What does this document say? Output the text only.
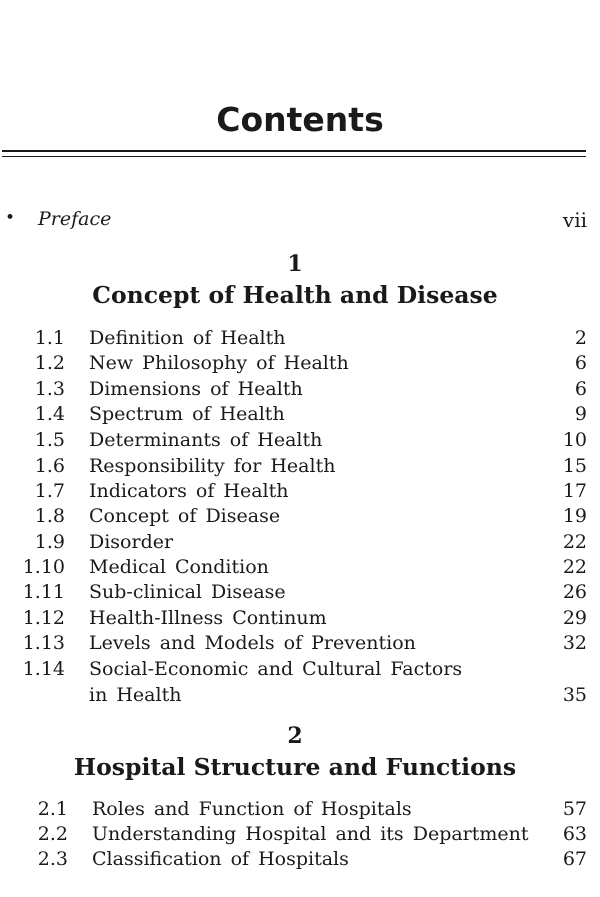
Contents
• Preface	vii
1
Concept of Health and Disease
1.1 Definition of Health	2
1.2 New Philosophy of Health	6
1.3 Dimensions of Health	6
1.4 Spectrum of Health	9
1.5 Determinants of Health	10
1.6 Responsibility for Health	15
1.7 Indicators of Health	17
1.8 Concept of Disease	19
1.9 Disorder	22
1.10 Medical Condition	22
1.11 Sub-clinical Disease	26
1.12 Health-Illness Continum	29
1.13 Levels and Models of Prevention	32
1.14 Social-Economic and Cultural Factors
in Health	35
2
Hospital Structure and Functions
2.1 Roles and Function of Hospitals	57
2.2 Understanding Hospital and its Department 63
2.3 Classification of Hospitals	67
